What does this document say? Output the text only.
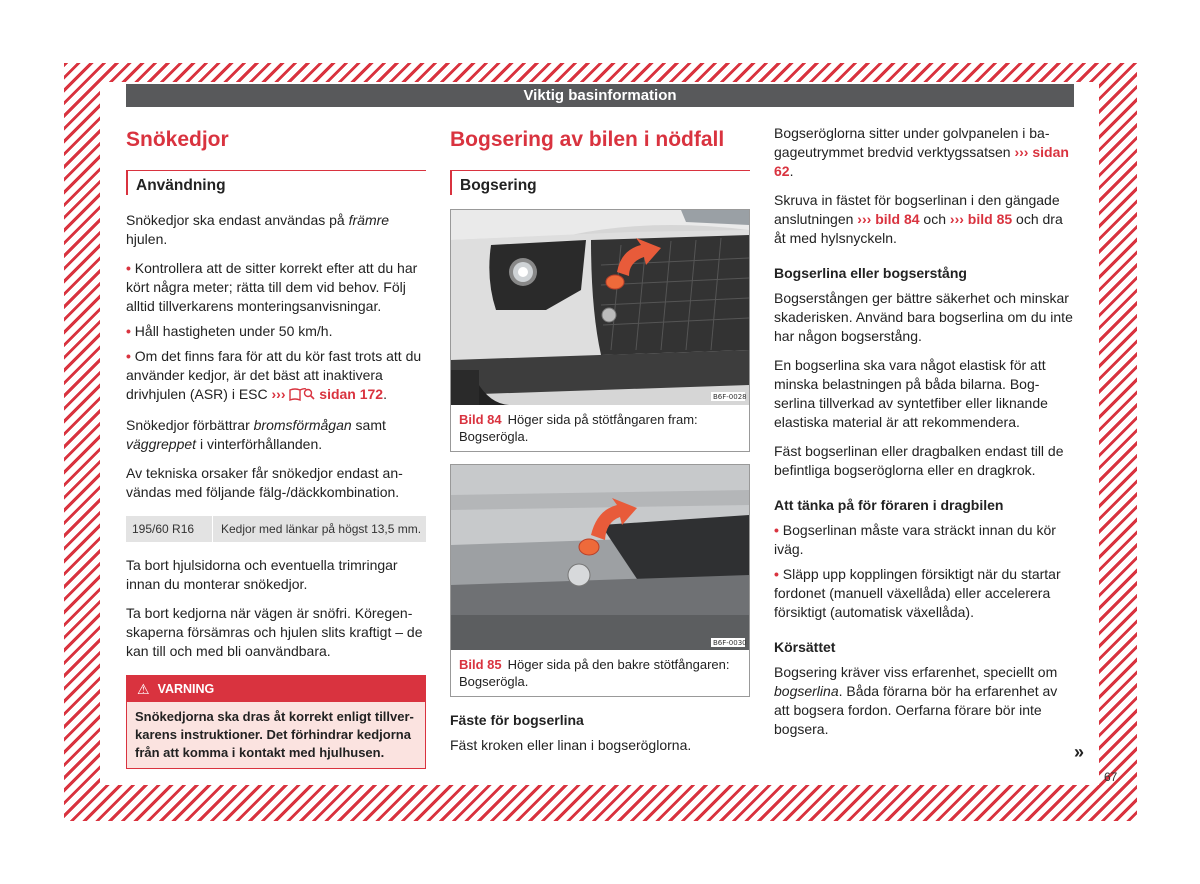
Viktig basinformation
Snökedjor
Användning

Snökedjor ska endast användas på främre hjulen.

• Kontrollera att de sitter korrekt efter att du har kört några meter; rätta till dem vid behov. Följ alltid tillverkarens monteringsanvisningar.
• Håll hastigheten under 50 km/h.
• Om det finns fara för att du kör fast trots att du använder kedjor, är det bäst att inaktivera drivhjulen (ASR) i ESC ››› sidan 172.

Snökedjor förbättrar bromsförmågan samt väggreppet i vinterförhållanden.

Av tekniska orsaker får snökedjor endast användas med följande fälg-/däckkombination.

195/60 R16	Kedjor med länkar på högst 13,5 mm.

Ta bort hjulsidorna och eventuella trimringar innan du monterar snökedjor.

Ta bort kedjorna när vägen är snöfri. Köregenskaperna försämras och hjulen slits kraftigt – de kan till och med bli oanvändbara.

⚠ VARNING
Snökedjorna ska dras åt korrekt enligt tillverkarens instruktioner. Det förhindrar kedjorna från att komma i kontakt med hjulhusen.
Bogsering av bilen i nödfall
Bogsering
B6F-0028
Bild 84 Höger sida på stötfångaren fram: Bogserögla.
B6F-0030
Bild 85 Höger sida på den bakre stötfångaren: Bogserögla.
Fäste för bogserlina

Fäst kroken eller linan i bogseröglorna.

Bogseröglorna sitter under golvpanelen i bagageutrymmet bredvid verktygssatsen ››› sidan 62.

Skruva in fästet för bogserlinan i den gängade anslutningen ››› bild 84 och ››› bild 85 och dra åt med hylsnyckeln.

Bogserlina eller bogserstång

Bogserstången ger bättre säkerhet och minskar skaderisken. Använd bara bogserlina om du inte har någon bogserstång.

En bogserlina ska vara något elastisk för att minska belastningen på båda bilarna. Bogserlina tillverkad av syntetfiber eller liknande elastiska material är att rekommendera.

Fäst bogserlinan eller dragbalken endast till de befintliga bogseröglorna eller en dragkrok.

Att tänka på för föraren i dragbilen
• Bogserlinan måste vara sträckt innan du kör iväg.
• Släpp upp kopplingen försiktigt när du startar fordonet (manuell växellåda) eller accelerera försiktigt (automatisk växellåda).
Körsättet

Bogsering kräver viss erfarenhet, speciellt om bogserlina. Båda förarna bör ha erfarenhet av att bogsera fordon. Oerfarna förare bör inte bogsera.

»
67
